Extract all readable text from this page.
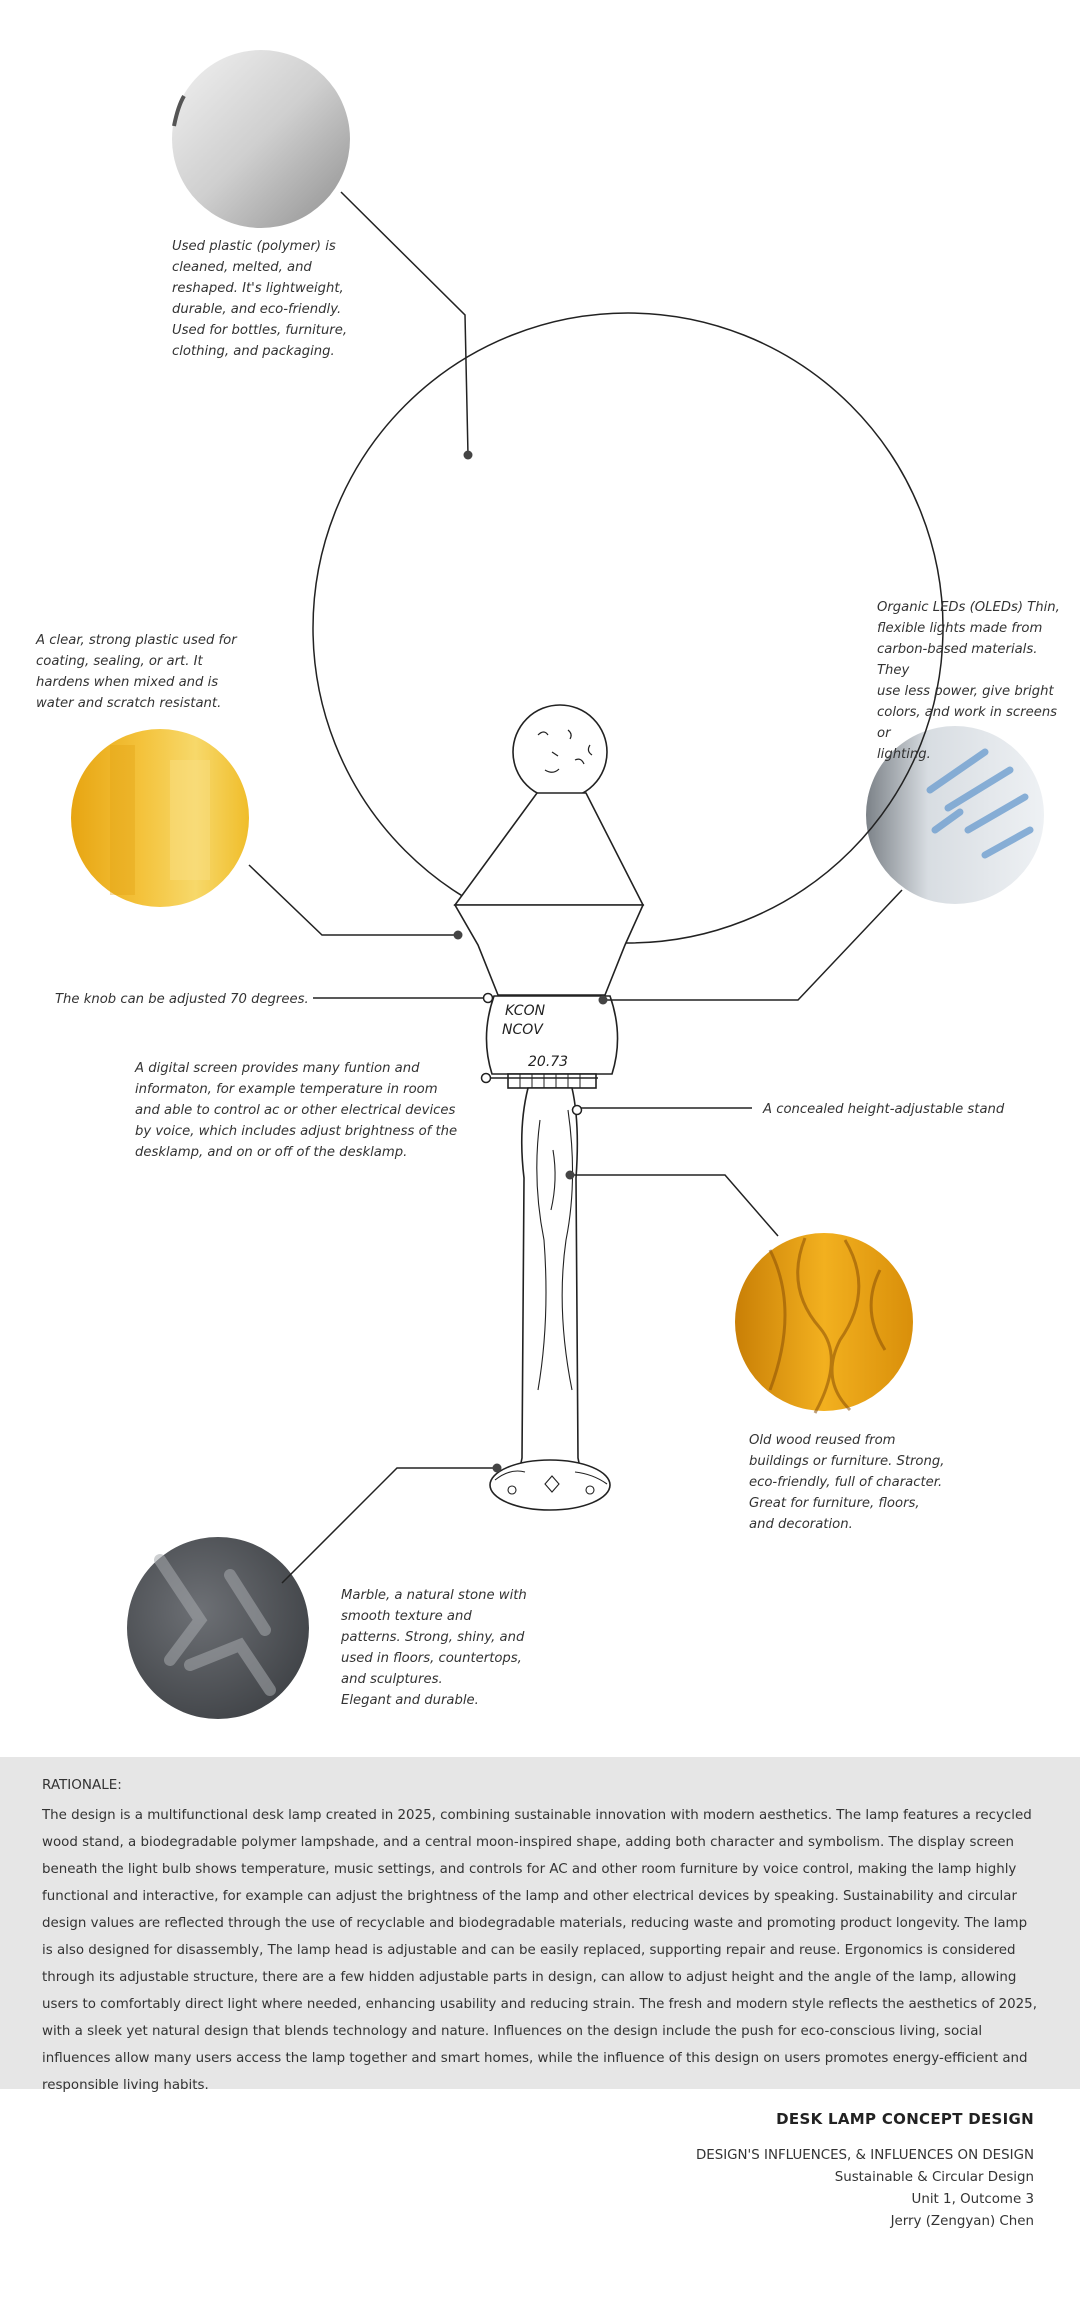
KCON
NCOV
20.73
Used plastic (polymer) is
cleaned, melted, and
reshaped. It's lightweight,
durable, and eco-friendly.
Used for bottles, furniture,
clothing, and packaging.
A clear, strong plastic used for
coating, sealing, or art. It
hardens when mixed and is
water and scratch resistant.
Organic LEDs (OLEDs) Thin,
flexible lights made from
carbon-based materials. They
use less power, give bright
colors, and work in screens or
lighting.
The knob can be adjusted 70 degrees.
A digital screen provides many funtion and
informaton, for example temperature in room
and able to control ac or other electrical devices
by voice, which includes adjust brightness of the
desklamp, and on or off of the desklamp.
A concealed height-adjustable stand
Old wood reused from
buildings or furniture. Strong,
eco-friendly, full of character.
Great for furniture, floors,
and decoration.
Marble, a natural stone with
smooth texture and
patterns. Strong, shiny, and
used in floors, countertops,
and sculptures.
Elegant and durable.
RATIONALE:
The design is a multifunctional desk lamp created in 2025, combining sustainable innovation with modern aesthetics. The lamp features a recycled wood stand, a biodegradable polymer lampshade, and a central moon-inspired shape, adding both character and symbolism. The display screen beneath the light bulb shows temperature, music settings, and controls for AC and other room furniture by voice control, making the lamp highly functional and interactive, for example can adjust the brightness of the lamp and other electrical devices by speaking. Sustainability and circular design values are reflected through the use of recyclable and biodegradable materials, reducing waste and promoting product longevity. The lamp is also designed for disassembly, The lamp head is adjustable and can be easily replaced, supporting repair and reuse. Ergonomics is considered through its adjustable structure, there are a few hidden adjustable parts in design, can allow to adjust height and the angle of the lamp, allowing users to comfortably direct light where needed, enhancing usability and reducing strain. The fresh and modern style reflects the aesthetics of 2025, with a sleek yet natural design that blends technology and nature. Influences on the design include the push for eco-conscious living, social influences allow many users access the lamp together and smart homes, while the influence of this design on users promotes energy-efficient and responsible living habits.
DESK LAMP CONCEPT DESIGN
DESIGN'S INFLUENCES, & INFLUENCES ON DESIGN
Sustainable & Circular Design
Unit 1, Outcome 3
Jerry (Zengyan) Chen
